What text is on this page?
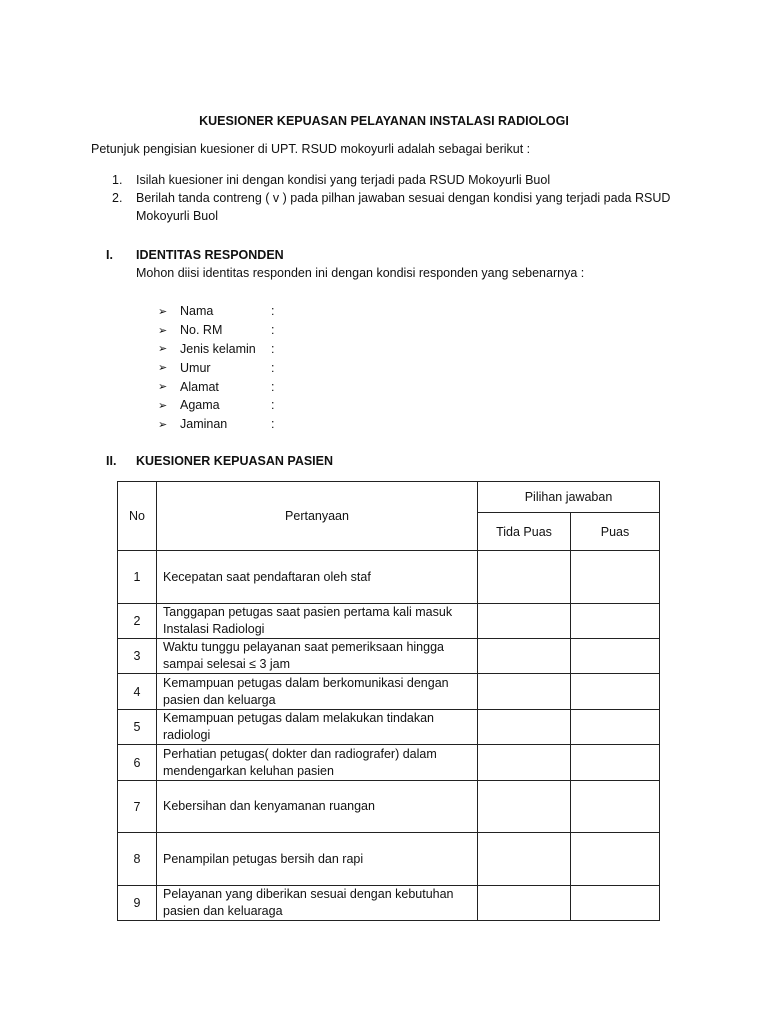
KUESIONER KEPUASAN PELAYANAN INSTALASI RADIOLOGI
Petunjuk pengisian kuesioner di UPT. RSUD mokoyurli adalah sebagai berikut :
1.	Isilah kuesioner ini dengan kondisi yang terjadi pada RSUD Mokoyurli Buol
2.	Berilah tanda contreng ( v ) pada pilhan jawaban sesuai dengan kondisi yang terjadi pada RSUD Mokoyurli Buol
I. IDENTITAS RESPONDEN
Mohon diisi identitas responden ini dengan kondisi responden yang sebenarnya :
➢	Nama	:
➢	No. RM	:
➢	Jenis kelamin	:
➢	Umur	:
➢	Alamat	:
➢	Agama	:
➢	Jaminan	:
II. KUESIONER KEPUASAN PASIEN
No	Pertanyaan	Pilihan jawaban	
		Tida Puas	Puas
1	Kecepatan saat pendaftaran oleh staf		
2	Tanggapan petugas saat pasien pertama kali masuk Instalasi Radiologi		
3	Waktu tunggu pelayanan saat pemeriksaan hingga sampai selesai ≤ 3 jam		
4	Kemampuan petugas dalam berkomunikasi dengan pasien dan keluarga		
5	Kemampuan petugas dalam melakukan tindakan radiologi		
6	Perhatian petugas( dokter dan radiografer) dalam mendengarkan keluhan pasien		
7	Kebersihan dan kenyamanan ruangan		
8	Penampilan petugas bersih dan rapi		
9	Pelayanan yang diberikan sesuai dengan kebutuhan pasien dan keluaraga		
